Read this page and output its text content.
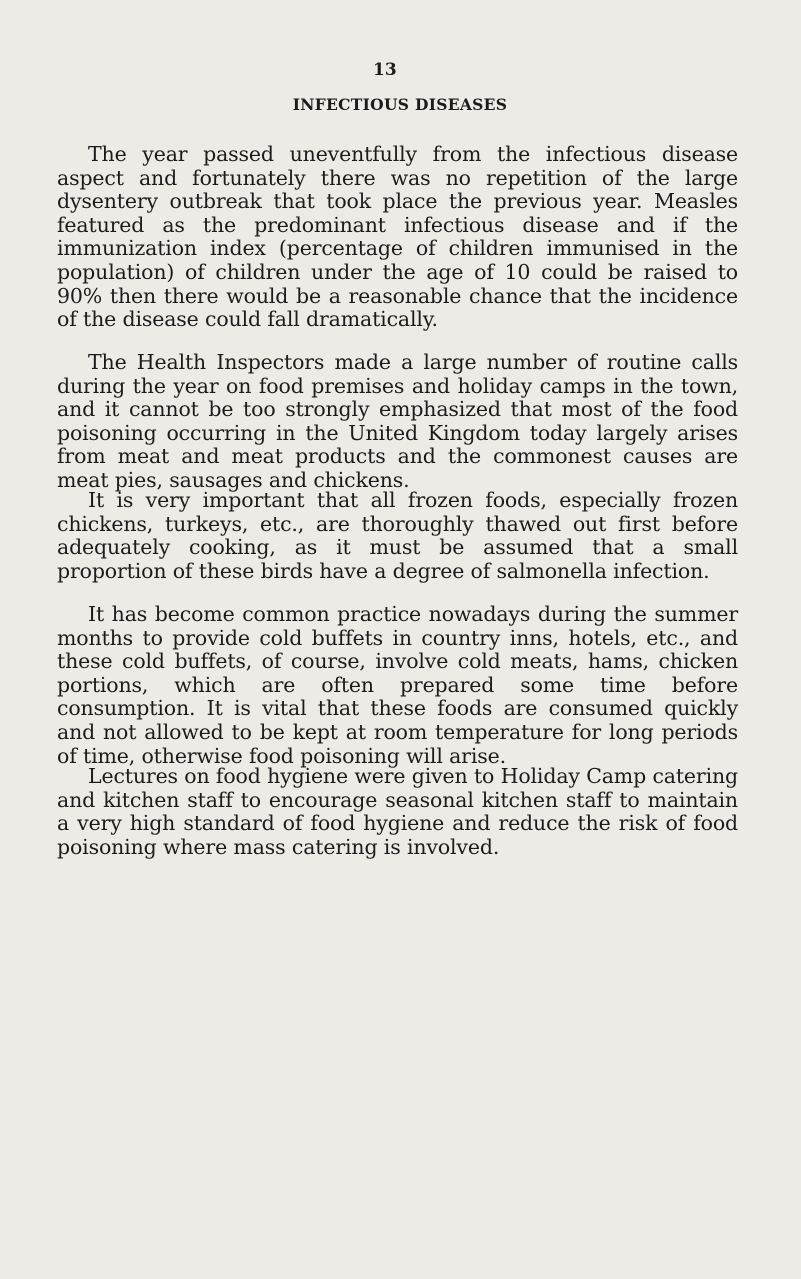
13

INFECTIOUS DISEASES

The year passed uneventfully from the infectious disease aspect and fortunately there was no repetition of the large dysentery outbreak that took place the previous year. Measles featured as the predominant infectious disease and if the immunization index (percentage of children immunised in the population) of children under the age of 10 could be raised to 90% then there would be a reasonable chance that the incidence of the disease could fall dramatically.

The Health Inspectors made a large number of routine calls during the year on food premises and holiday camps in the town, and it cannot be too strongly emphasized that most of the food poisoning occurring in the United Kingdom today largely arises from meat and meat products and the commonest causes are meat pies, sausages and chickens.

It is very important that all frozen foods, especially frozen chickens, turkeys, etc., are thoroughly thawed out first before adequately cooking, as it must be assumed that a small proportion of these birds have a degree of salmonella infection.

It has become common practice nowadays during the summer months to provide cold buffets in country inns, hotels, etc., and these cold buffets, of course, involve cold meats, hams, chicken portions, which are often prepared some time before consumption. It is vital that these foods are consumed quickly and not allowed to be kept at room temperature for long periods of time, otherwise food poisoning will arise.

Lectures on food hygiene were given to Holiday Camp catering and kitchen staff to encourage seasonal kitchen staff to maintain a very high standard of food hygiene and reduce the risk of food poisoning where mass catering is involved.
